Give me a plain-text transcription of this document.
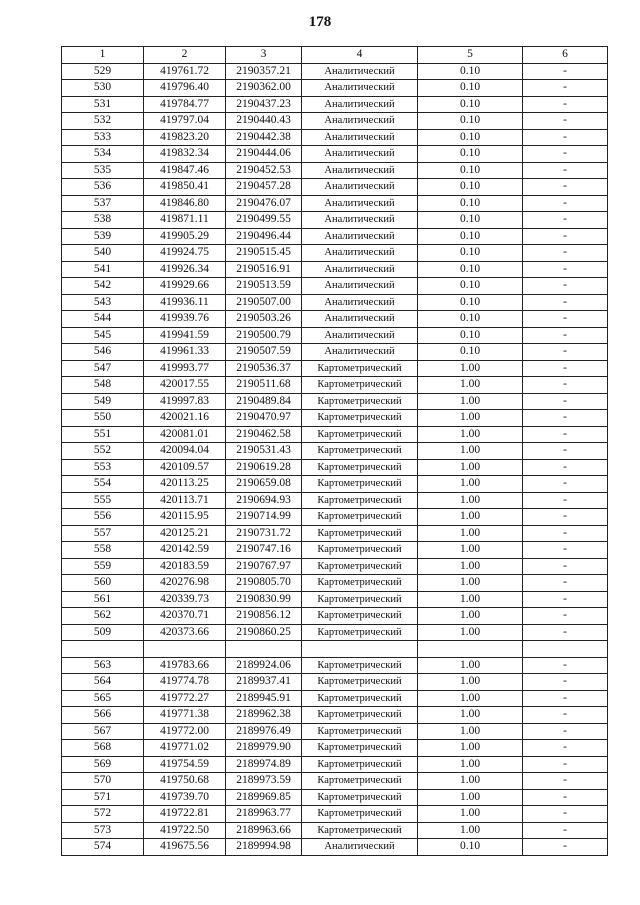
178
1	2	3	4	5	6
529	419761.72	2190357.21	Аналитический	0.10	-
530	419796.40	2190362.00	Аналитический	0.10	-
531	419784.77	2190437.23	Аналитический	0.10	-
532	419797.04	2190440.43	Аналитический	0.10	-
533	419823.20	2190442.38	Аналитический	0.10	-
534	419832.34	2190444.06	Аналитический	0.10	-
535	419847.46	2190452.53	Аналитический	0.10	-
536	419850.41	2190457.28	Аналитический	0.10	-
537	419846.80	2190476.07	Аналитический	0.10	-
538	419871.11	2190499.55	Аналитический	0.10	-
539	419905.29	2190496.44	Аналитический	0.10	-
540	419924.75	2190515.45	Аналитический	0.10	-
541	419926.34	2190516.91	Аналитический	0.10	-
542	419929.66	2190513.59	Аналитический	0.10	-
543	419936.11	2190507.00	Аналитический	0.10	-
544	419939.76	2190503.26	Аналитический	0.10	-
545	419941.59	2190500.79	Аналитический	0.10	-
546	419961.33	2190507.59	Аналитический	0.10	-
547	419993.77	2190536.37	Картометрический	1.00	-
548	420017.55	2190511.68	Картометрический	1.00	-
549	419997.83	2190489.84	Картометрический	1.00	-
550	420021.16	2190470.97	Картометрический	1.00	-
551	420081.01	2190462.58	Картометрический	1.00	-
552	420094.04	2190531.43	Картометрический	1.00	-
553	420109.57	2190619.28	Картометрический	1.00	-
554	420113.25	2190659.08	Картометрический	1.00	-
555	420113.71	2190694.93	Картометрический	1.00	-
556	420115.95	2190714.99	Картометрический	1.00	-
557	420125.21	2190731.72	Картометрический	1.00	-
558	420142.59	2190747.16	Картометрический	1.00	-
559	420183.59	2190767.97	Картометрический	1.00	-
560	420276.98	2190805.70	Картометрический	1.00	-
561	420339.73	2190830.99	Картометрический	1.00	-
562	420370.71	2190856.12	Картометрический	1.00	-
509	420373.66	2190860.25	Картометрический	1.00	-

563	419783.66	2189924.06	Картометрический	1.00	-
564	419774.78	2189937.41	Картометрический	1.00	-
565	419772.27	2189945.91	Картометрический	1.00	-
566	419771.38	2189962.38	Картометрический	1.00	-
567	419772.00	2189976.49	Картометрический	1.00	-
568	419771.02	2189979.90	Картометрический	1.00	-
569	419754.59	2189974.89	Картометрический	1.00	-
570	419750.68	2189973.59	Картометрический	1.00	-
571	419739.70	2189969.85	Картометрический	1.00	-
572	419722.81	2189963.77	Картометрический	1.00	-
573	419722.50	2189963.66	Картометрический	1.00	-
574	419675.56	2189994.98	Аналитический	0.10	-
